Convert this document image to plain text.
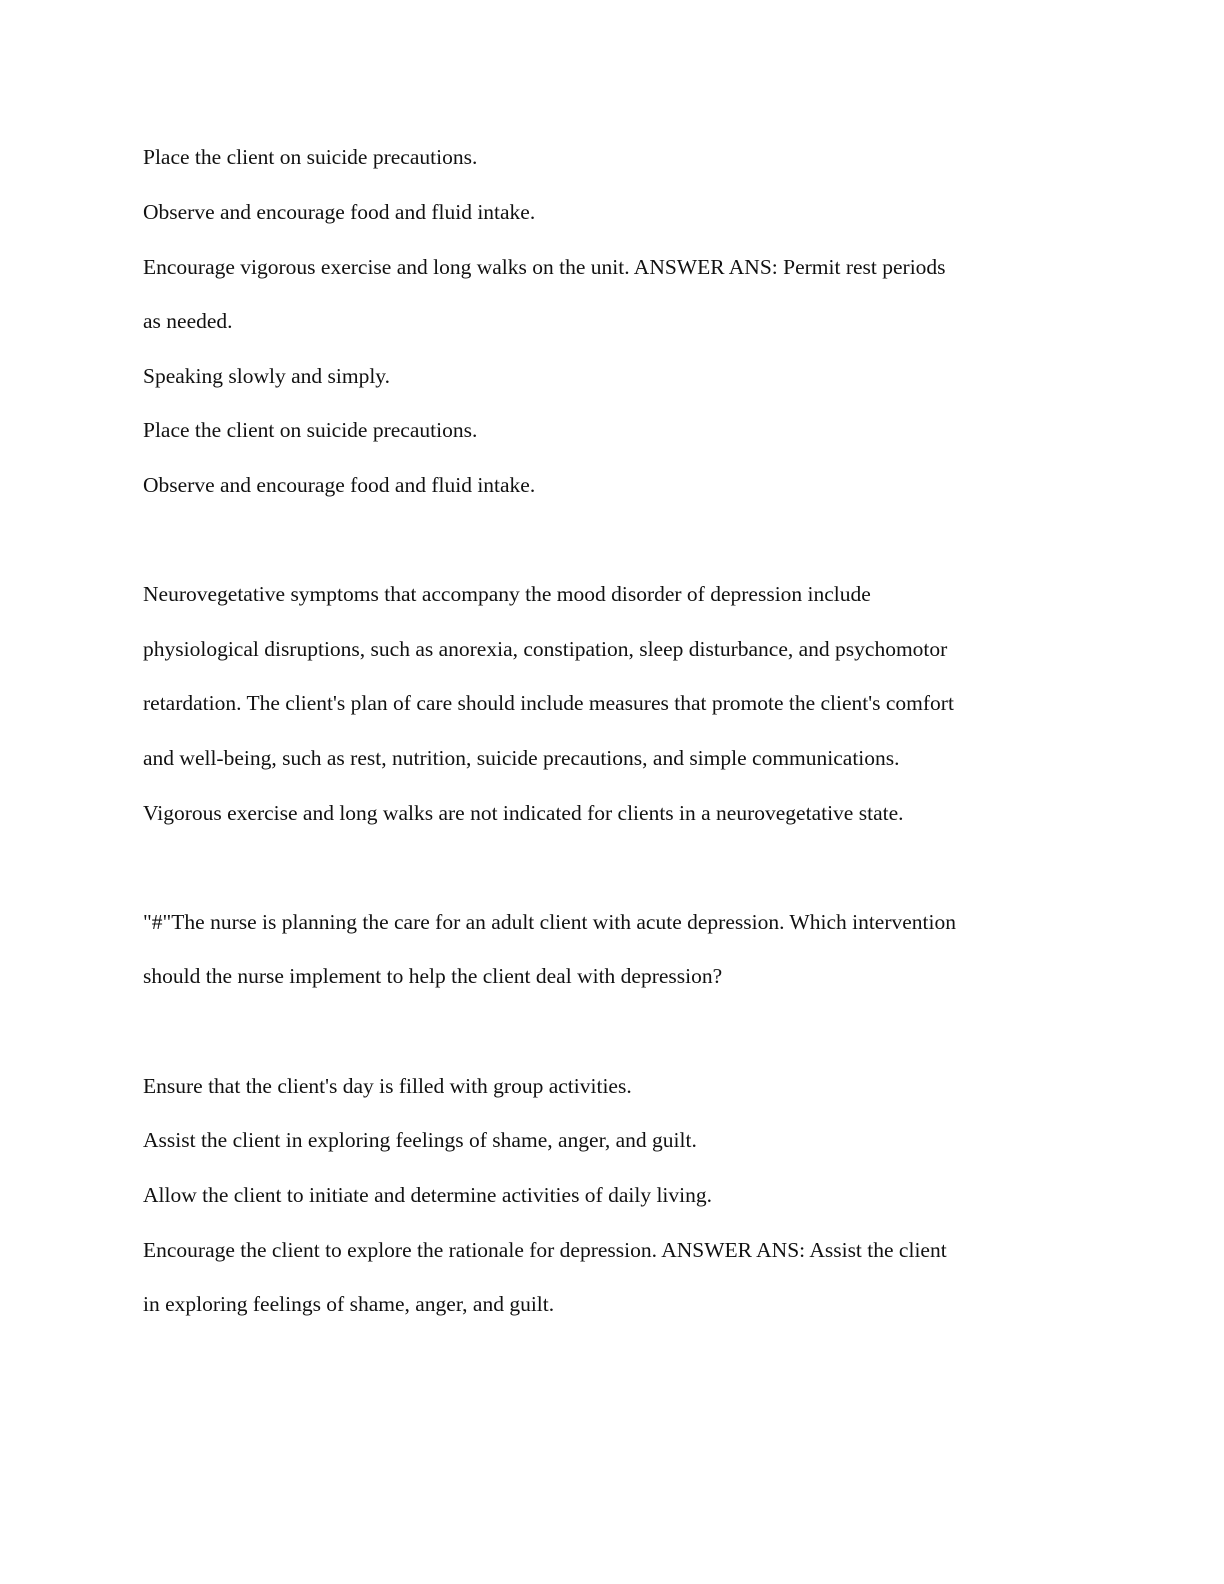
Place the client on suicide precautions.
Observe and encourage food and fluid intake.
Encourage vigorous exercise and long walks on the unit. ANSWER ANS: Permit rest periods
as needed.
Speaking slowly and simply.
Place the client on suicide precautions.
Observe and encourage food and fluid intake.
Neurovegetative symptoms that accompany the mood disorder of depression include
physiological disruptions, such as anorexia, constipation, sleep disturbance, and psychomotor
retardation. The client's plan of care should include measures that promote the client's comfort
and well-being, such as rest, nutrition, suicide precautions, and simple communications.
Vigorous exercise and long walks are not indicated for clients in a neurovegetative state.
"#"The nurse is planning the care for an adult client with acute depression. Which intervention
should the nurse implement to help the client deal with depression?
Ensure that the client's day is filled with group activities.
Assist the client in exploring feelings of shame, anger, and guilt.
Allow the client to initiate and determine activities of daily living.
Encourage the client to explore the rationale for depression. ANSWER ANS: Assist the client
in exploring feelings of shame, anger, and guilt.
